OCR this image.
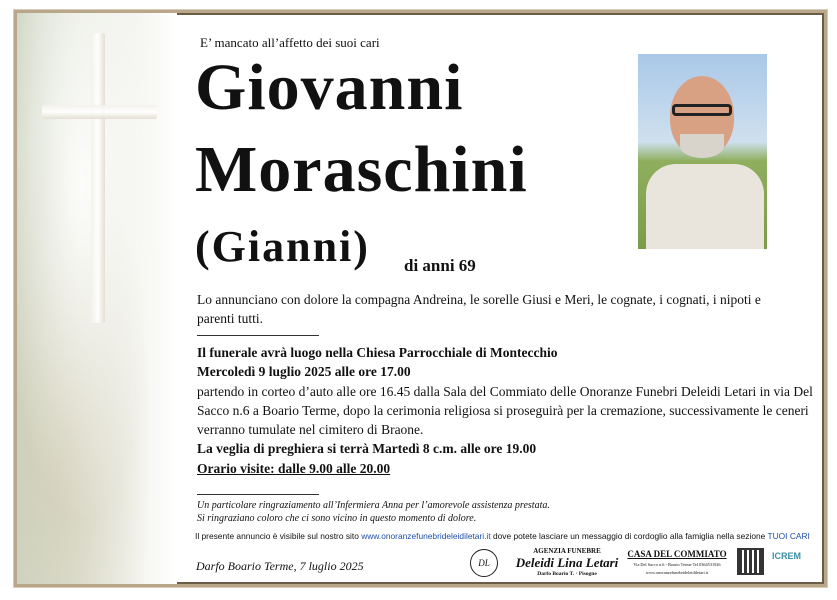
E’ mancato all’affetto dei suoi cari
Giovanni
Moraschini
(Gianni) di anni 69
Lo annunciano con dolore la compagna Andreina, le sorelle Giusi e Meri, le cognate, i cognati, i nipoti e parenti tutti.
Il funerale avrà luogo nella Chiesa Parrocchiale di Montecchio
Mercoledì 9 luglio 2025 alle ore 17.00
partendo in corteo d’auto alle ore 16.45 dalla Sala del Commiato delle Onoranze Funebri Deleidi Letari in via Del Sacco n.6 a Boario Terme, dopo la cerimonia religiosa si proseguirà per la cremazione, successivamente le ceneri verranno tumulate nel cimitero di Braone.
La veglia di preghiera si terrà Martedì 8 c.m. alle ore 19.00
Orario visite: dalle 9.00 alle 20.00
Un particolare ringraziamento all’Infermiera Anna per l’amorevole assistenza prestata.
Si ringraziano coloro che ci sono vicino in questo momento di dolore.
Il presente annuncio è visibile sul nostro sito www.onoranzefunebrideleidiletari.it dove potete lasciare un messaggio di cordoglio alla famiglia nella sezione TUOI CARI
Darfo Boario Terme, 7 luglio 2025	DL
AGENZIA FUNEBRE
Deleidi Lina Letari
Darfo Boario T. · Pisogne
CASA DEL COMMIATO
Via Del Sacco n.6 - Boario Terme Tel.0364531926
www.onoranzefunebrideleidiletari.it
ICREM
